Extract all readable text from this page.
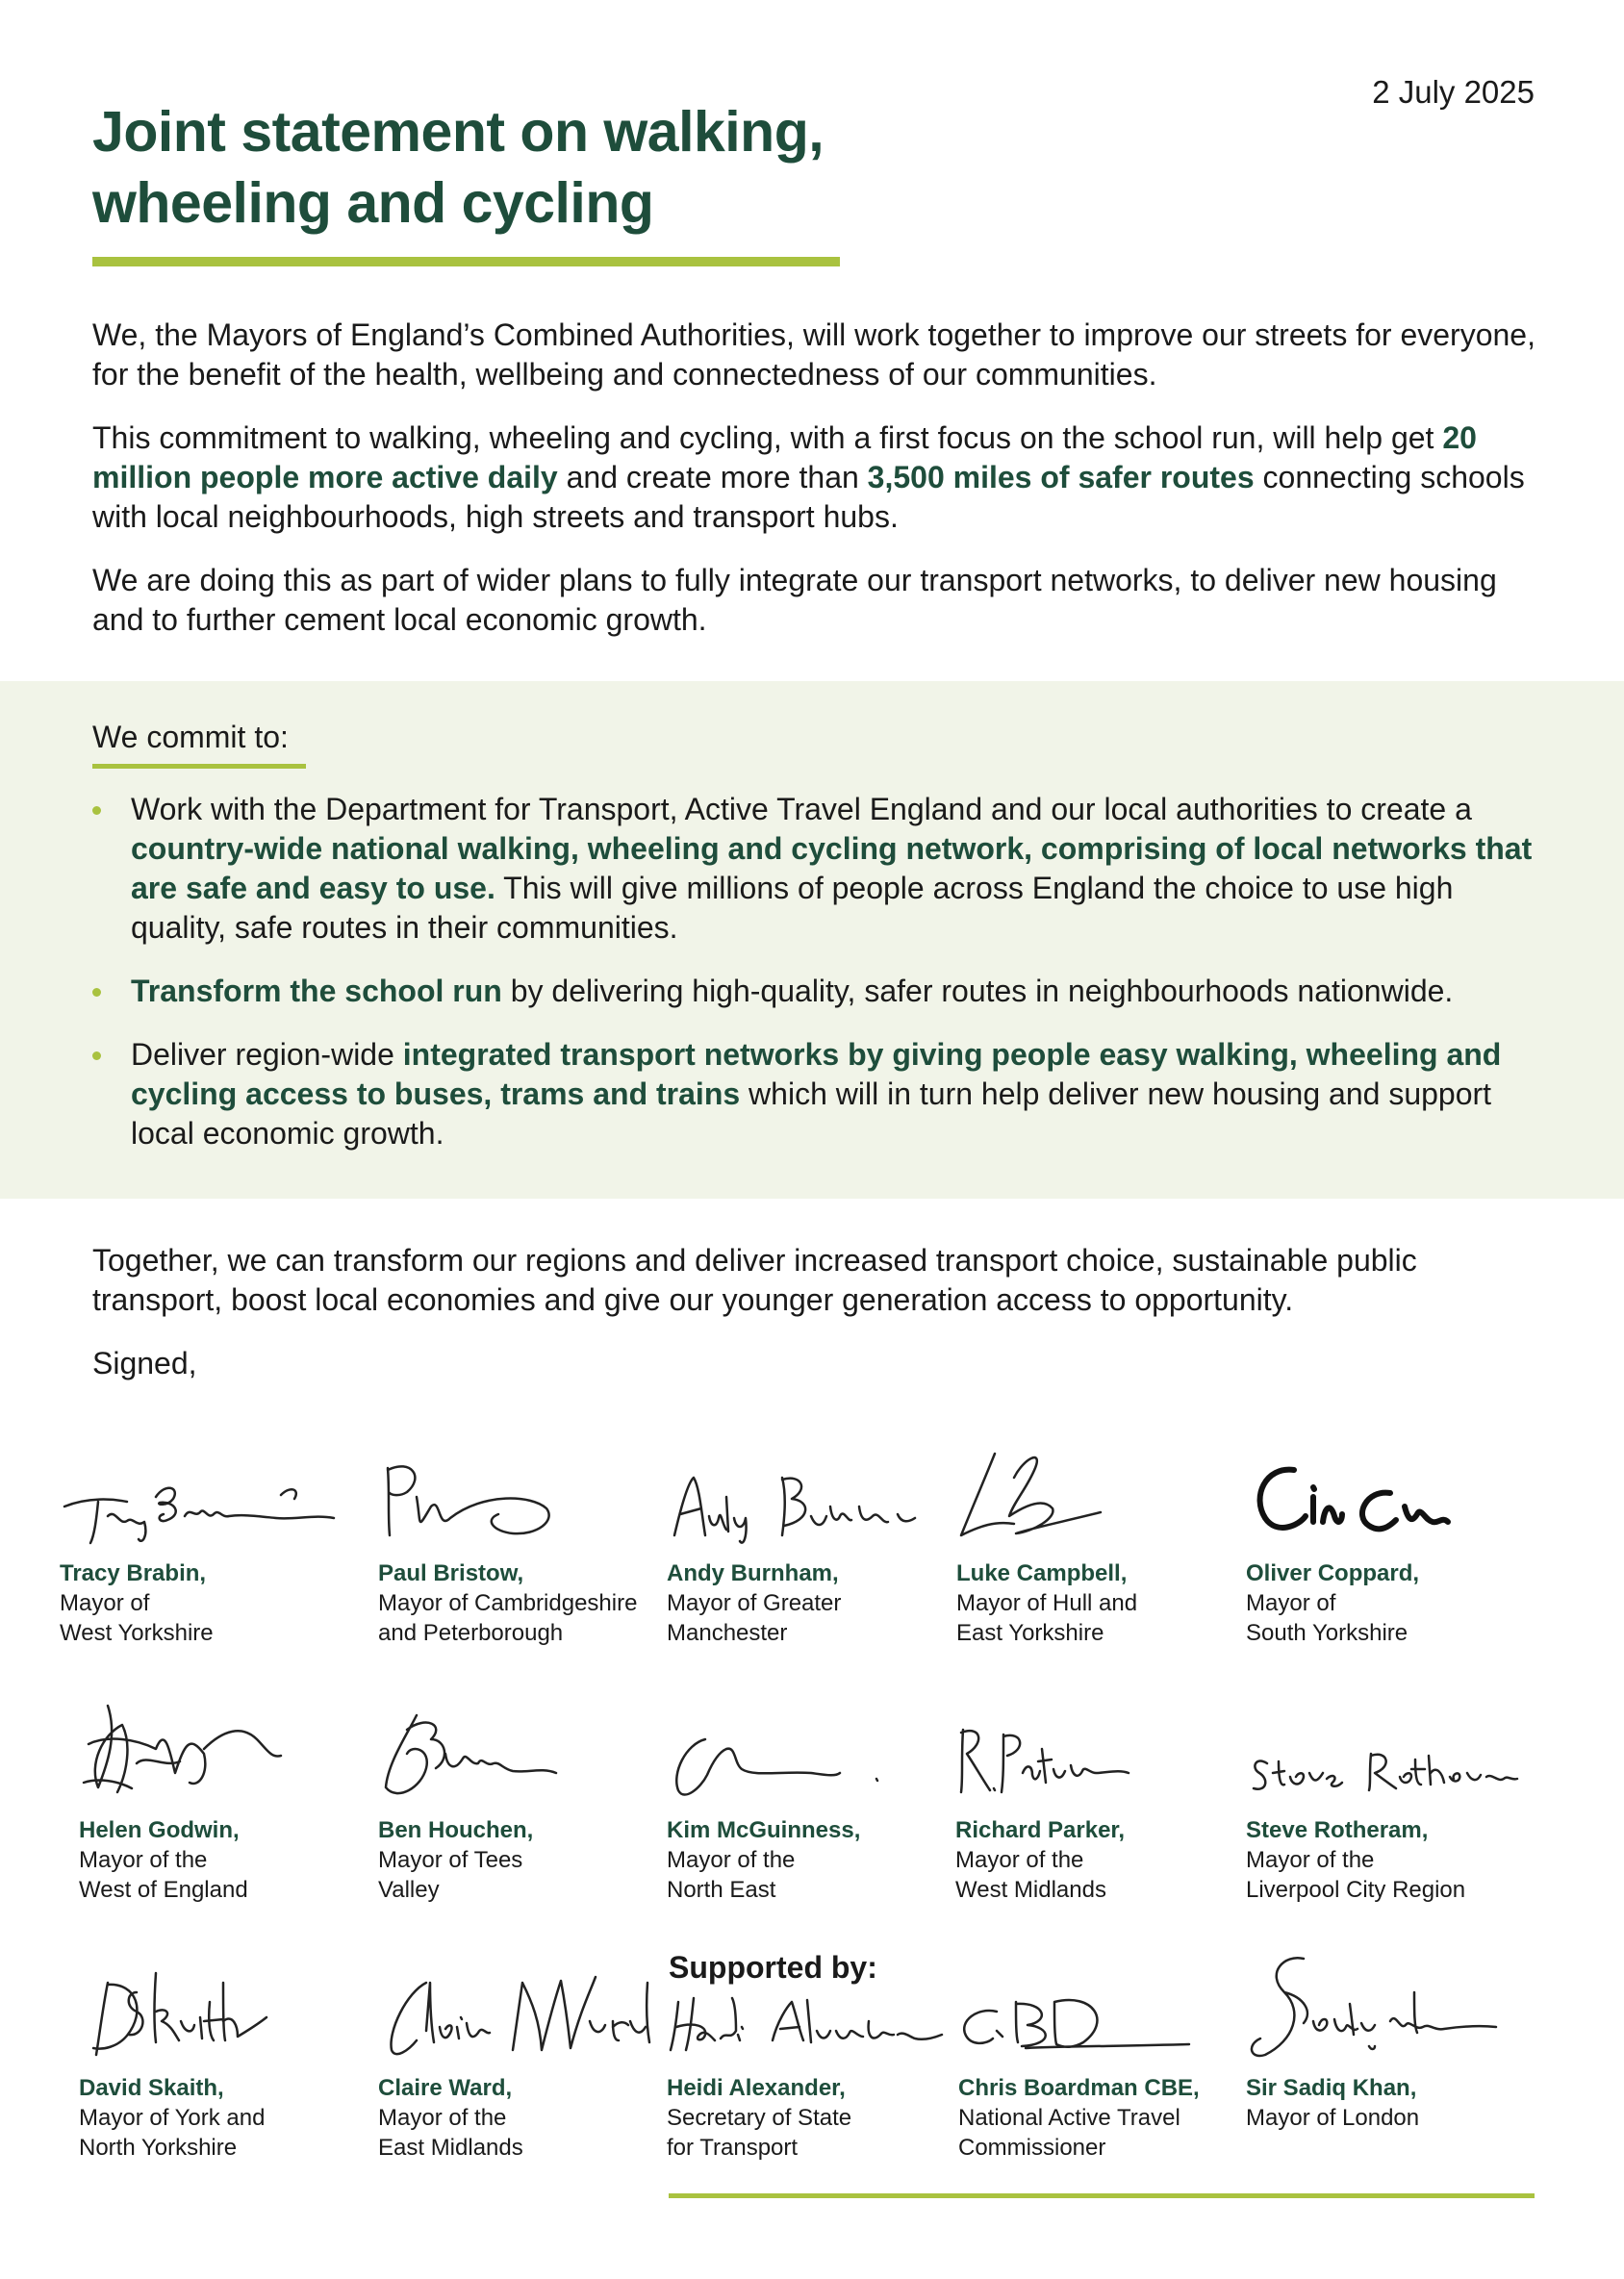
2 July 2025
Joint statement on walking, wheeling and cycling

We, the Mayors of England’s Combined Authorities, will work together to improve our streets for everyone, for the benefit of the health, wellbeing and connectedness of our communities.

This commitment to walking, wheeling and cycling, with a first focus on the school run, will help get 20 million people more active daily and create more than 3,500 miles of safer routes connecting schools with local neighbourhoods, high streets and transport hubs.

We are doing this as part of wider plans to fully integrate our transport networks, to deliver new housing and to further cement local economic growth.

We commit to:
Work with the Department for Transport, Active Travel England and our local authorities to create a country-wide national walking, wheeling and cycling network, comprising of local networks that are safe and easy to use. This will give millions of people across England the choice to use high quality, safe routes in their communities.
Transform the school run by delivering high-quality, safer routes in neighbourhoods nationwide.
Deliver region-wide integrated transport networks by giving people easy walking, wheeling and cycling access to buses, trams and trains which will in turn help deliver new housing and support local economic growth.

Together, we can transform our regions and deliver increased transport choice, sustainable public transport, boost local economies and give our younger generation access to opportunity.

Signed,
Tracy Brabin,
Mayor of
West Yorkshire
Paul Bristow,
Mayor of Cambridgeshire
and Peterborough
Andy Burnham,
Mayor of Greater
Manchester
Luke Campbell,
Mayor of Hull and
East Yorkshire
Oliver Coppard,
Mayor of
South Yorkshire
Helen Godwin,
Mayor of the
West of England
Ben Houchen,
Mayor of Tees
Valley
Kim McGuinness,
Mayor of the
North East
Richard Parker,
Mayor of the
West Midlands
Steve Rotheram,
Mayor of the
Liverpool City Region
David Skaith,
Mayor of York and
North Yorkshire
Claire Ward,
Mayor of the
East Midlands
Supported by:
Heidi Alexander,
Secretary of State
for Transport
Chris Boardman CBE,
National Active Travel
Commissioner
Sir Sadiq Khan,
Mayor of London
